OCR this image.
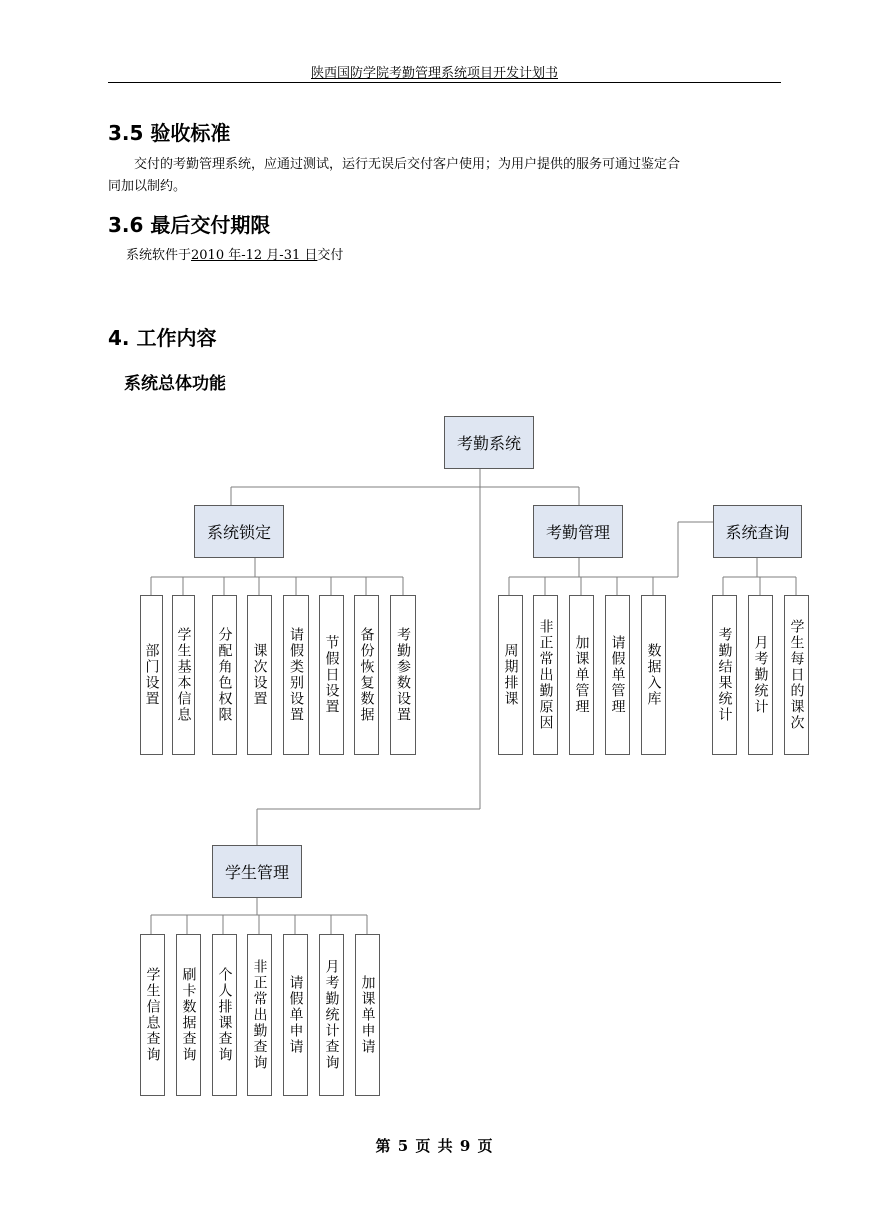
陕西国防学院考勤管理系统项目开发计划书
3.5 验收标准
交付的考勤管理系统，应通过测试，运行无误后交付客户使用；为用户提供的服务可通过鉴定合
同加以制约。
3.6 最后交付期限
系统软件于2010 年-12 月-31 日交付
4. 工作内容
系统总体功能
考勤系统
系统锁定	考勤管理	系统查询
学生管理
部门设置 学生基本信息	分配角色权限	课次设置	请假类别设置	节假日设置	备份恢复数据	考勤参数设置	周期排课	非正常出勤原因	加课单管理	请假单管理	数据入库	考勤结果统计	月考勤统计	学生每日的课次
学生信息查询	刷卡数据查询	个人排课查询	非正常出勤查询	请假单申请	月考勤统计查询	加课单申请
第 5 页 共 9 页
